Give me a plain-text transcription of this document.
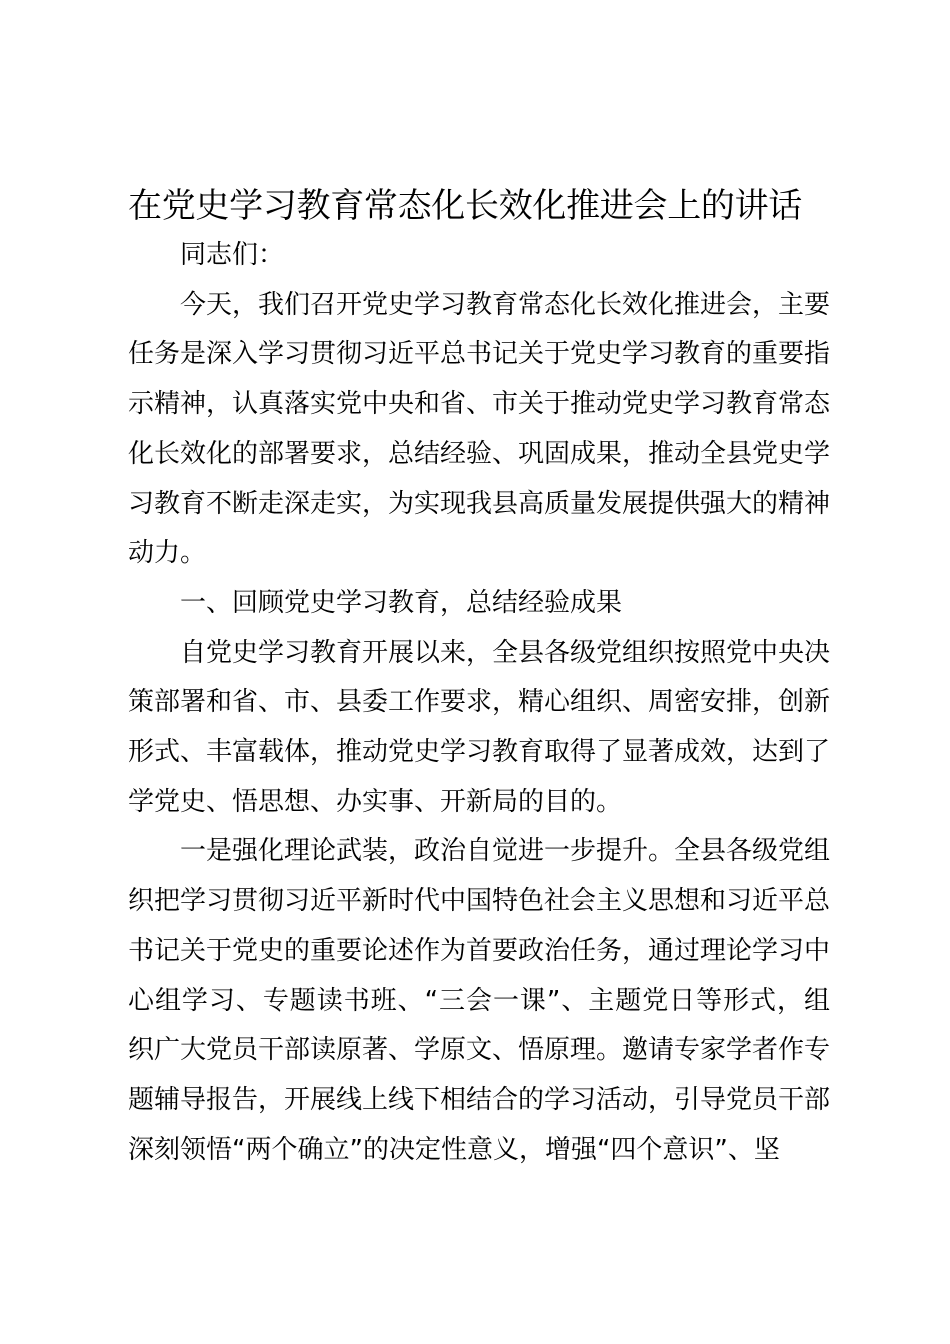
在党史学习教育常态化长效化推进会上的讲话

同志们：

今天，我们召开党史学习教育常态化长效化推进会，主要任务是深入学习贯彻习近平总书记关于党史学习教育的重要指示精神，认真落实党中央和省、市关于推动党史学习教育常态化长效化的部署要求，总结经验、巩固成果，推动全县党史学习教育不断走深走实，为实现我县高质量发展提供强大的精神动力。

一、回顾党史学习教育，总结经验成果

自党史学习教育开展以来，全县各级党组织按照党中央决策部署和省、市、县委工作要求，精心组织、周密安排，创新形式、丰富载体，推动党史学习教育取得了显著成效，达到了学党史、悟思想、办实事、开新局的目的。

一是强化理论武装，政治自觉进一步提升。全县各级党组织把学习贯彻习近平新时代中国特色社会主义思想和习近平总书记关于党史的重要论述作为首要政治任务，通过理论学习中心组学习、专题读书班、“三会一课”、主题党日等形式，组织广大党员干部读原著、学原文、悟原理。邀请专家学者作专题辅导报告，开展线上线下相结合的学习活动，引导党员干部深刻领悟“两个确立”的决定性意义，增强“四个意识”、坚
